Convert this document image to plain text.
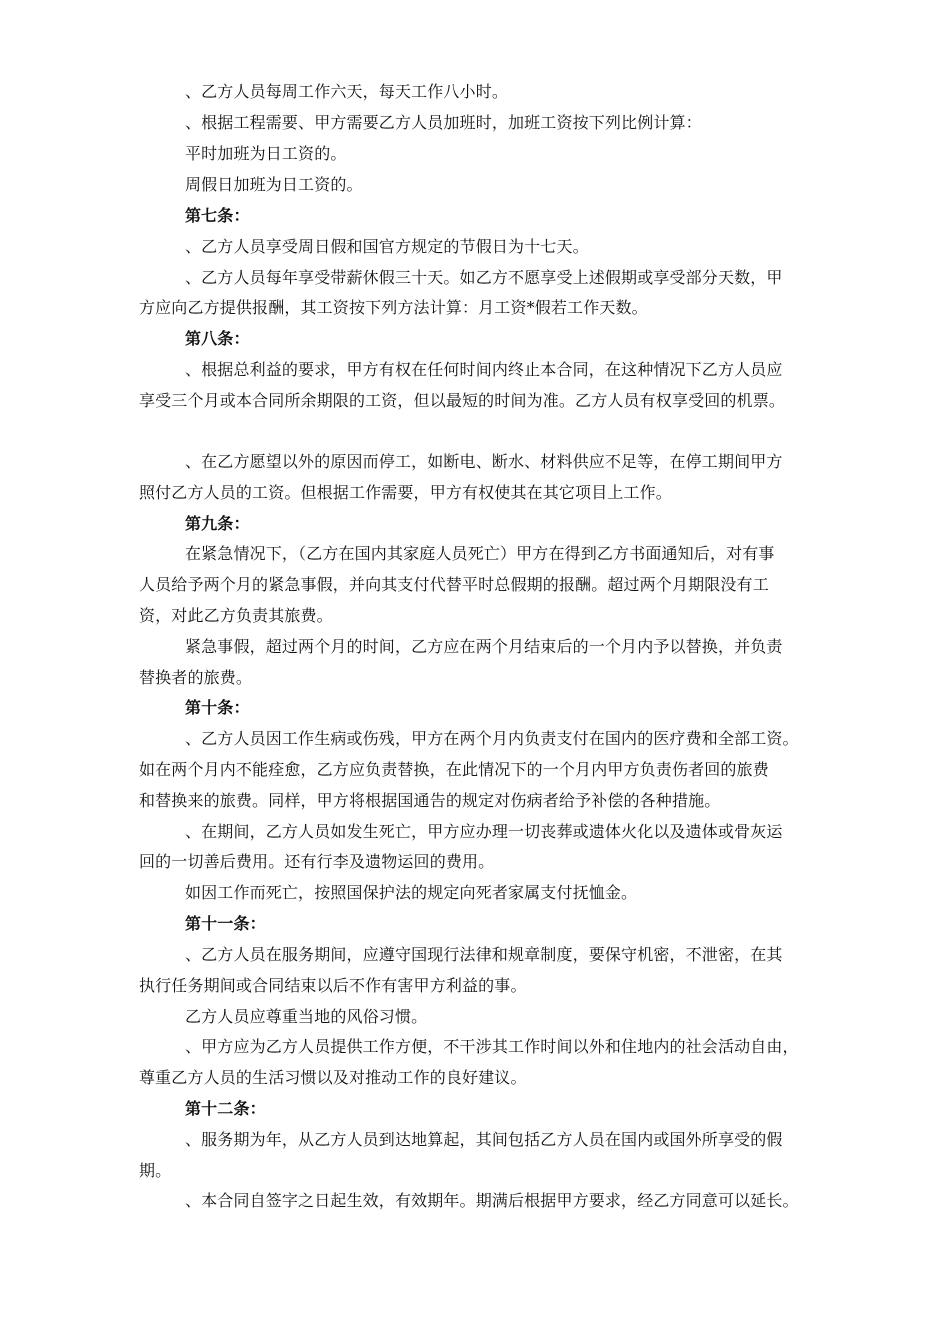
、乙方人员每周工作六天，每天工作八小时。
、根据工程需要、甲方需要乙方人员加班时，加班工资按下列比例计算：
平时加班为日工资的。
周假日加班为日工资的。
第七条：
、乙方人员享受周日假和国官方规定的节假日为十七天。
、乙方人员每年享受带薪休假三十天。如乙方不愿享受上述假期或享受部分天数，甲
方应向乙方提供报酬，其工资按下列方法计算：月工资*假若工作天数。
第八条：
、根据总利益的要求，甲方有权在任何时间内终止本合同，在这种情况下乙方人员应
享受三个月或本合同所余期限的工资，但以最短的时间为准。乙方人员有权享受回的机票。
、在乙方愿望以外的原因而停工，如断电、断水、材料供应不足等，在停工期间甲方
照付乙方人员的工资。但根据工作需要，甲方有权使其在其它项目上工作。
第九条：
在紧急情况下，（乙方在国内其家庭人员死亡）甲方在得到乙方书面通知后，对有事
人员给予两个月的紧急事假，并向其支付代替平时总假期的报酬。超过两个月期限没有工
资，对此乙方负责其旅费。
紧急事假，超过两个月的时间，乙方应在两个月结束后的一个月内予以替换，并负责
替换者的旅费。
第十条：
、乙方人员因工作生病或伤残，甲方在两个月内负责支付在国内的医疗费和全部工资。
如在两个月内不能痊愈，乙方应负责替换，在此情况下的一个月内甲方负责伤者回的旅费
和替换来的旅费。同样，甲方将根据国通告的规定对伤病者给予补偿的各种措施。
、在期间，乙方人员如发生死亡，甲方应办理一切丧葬或遗体火化以及遗体或骨灰运
回的一切善后费用。还有行李及遗物运回的费用。
如因工作而死亡，按照国保护法的规定向死者家属支付抚恤金。
第十一条：
、乙方人员在服务期间，应遵守国现行法律和规章制度，要保守机密，不泄密，在其
执行任务期间或合同结束以后不作有害甲方利益的事。
乙方人员应尊重当地的风俗习惯。
、甲方应为乙方人员提供工作方便，不干涉其工作时间以外和住地内的社会活动自由，
尊重乙方人员的生活习惯以及对推动工作的良好建议。
第十二条：
、服务期为年，从乙方人员到达地算起，其间包括乙方人员在国内或国外所享受的假
期。
、本合同自签字之日起生效，有效期年。期满后根据甲方要求，经乙方同意可以延长。
